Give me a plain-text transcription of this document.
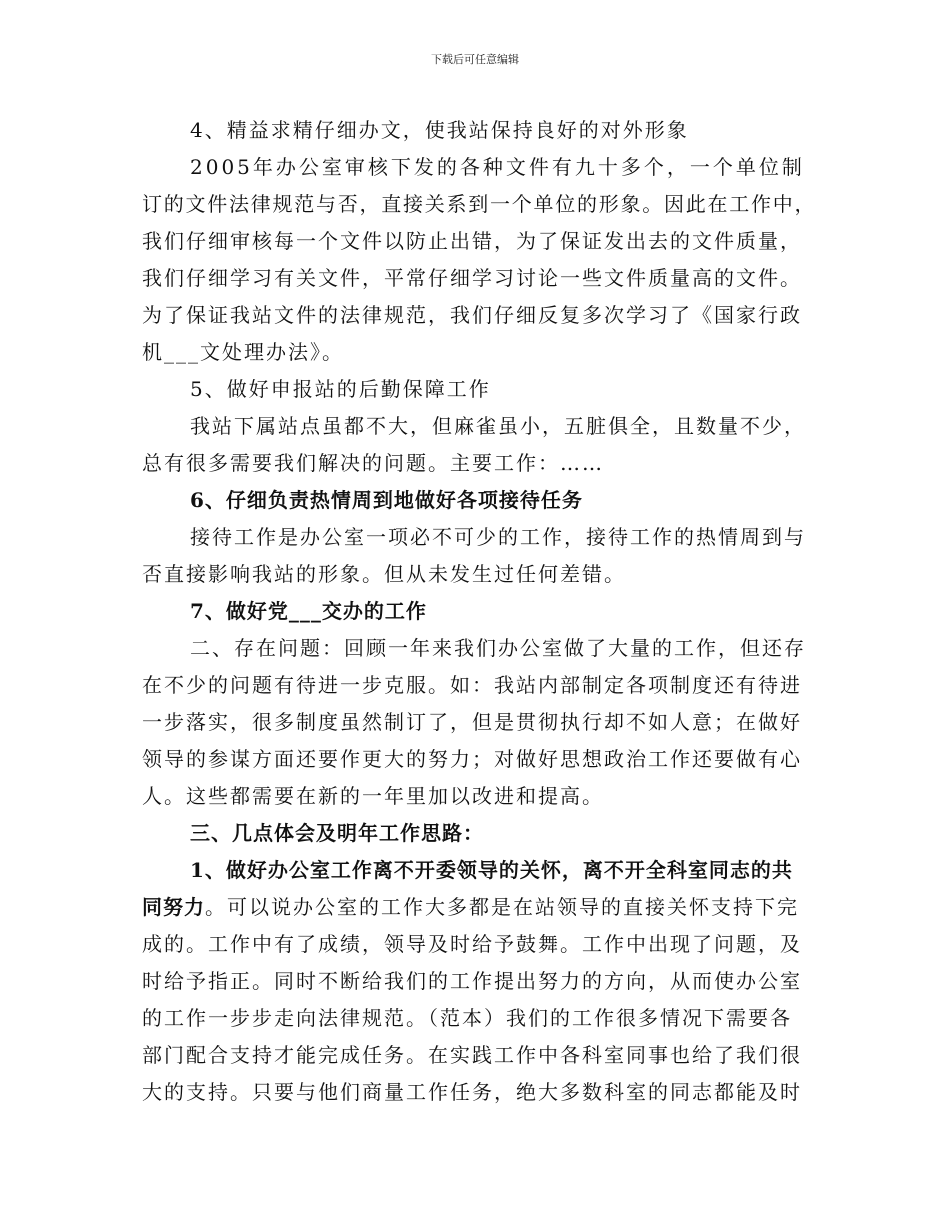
下载后可任意编辑
4、精益求精仔细办文，使我站保持良好的对外形象
2005年办公室审核下发的各种文件有九十多个，一个单位制
订的文件法律规范与否，直接关系到一个单位的形象。因此在工作中，
我们仔细审核每一个文件以防止出错，为了保证发出去的文件质量，
我们仔细学习有关文件，平常仔细学习讨论一些文件质量高的文件。
为了保证我站文件的法律规范，我们仔细反复多次学习了《国家行政
机___文处理办法》。
5、做好申报站的后勤保障工作
我站下属站点虽都不大，但麻雀虽小，五脏俱全，且数量不少，
总有很多需要我们解决的问题。主要工作：……
6、仔细负责热情周到地做好各项接待任务
接待工作是办公室一项必不可少的工作，接待工作的热情周到与
否直接影响我站的形象。但从未发生过任何差错。
7、做好党___交办的工作
二、存在问题：回顾一年来我们办公室做了大量的工作，但还存
在不少的问题有待进一步克服。如：我站内部制定各项制度还有待进
一步落实，很多制度虽然制订了，但是贯彻执行却不如人意；在做好
领导的参谋方面还要作更大的努力；对做好思想政治工作还要做有心
人。这些都需要在新的一年里加以改进和提高。
三、几点体会及明年工作思路：
1、做好办公室工作离不开委领导的关怀，离不开全科室同志的共
同努力。可以说办公室的工作大多都是在站领导的直接关怀支持下完
成的。工作中有了成绩，领导及时给予鼓舞。工作中出现了问题，及
时给予指正。同时不断给我们的工作提出努力的方向，从而使办公室
的工作一步步走向法律规范。（范本）我们的工作很多情况下需要各
部门配合支持才能完成任务。在实践工作中各科室同事也给了我们很
大的支持。只要与他们商量工作任务，绝大多数科室的同志都能及时
